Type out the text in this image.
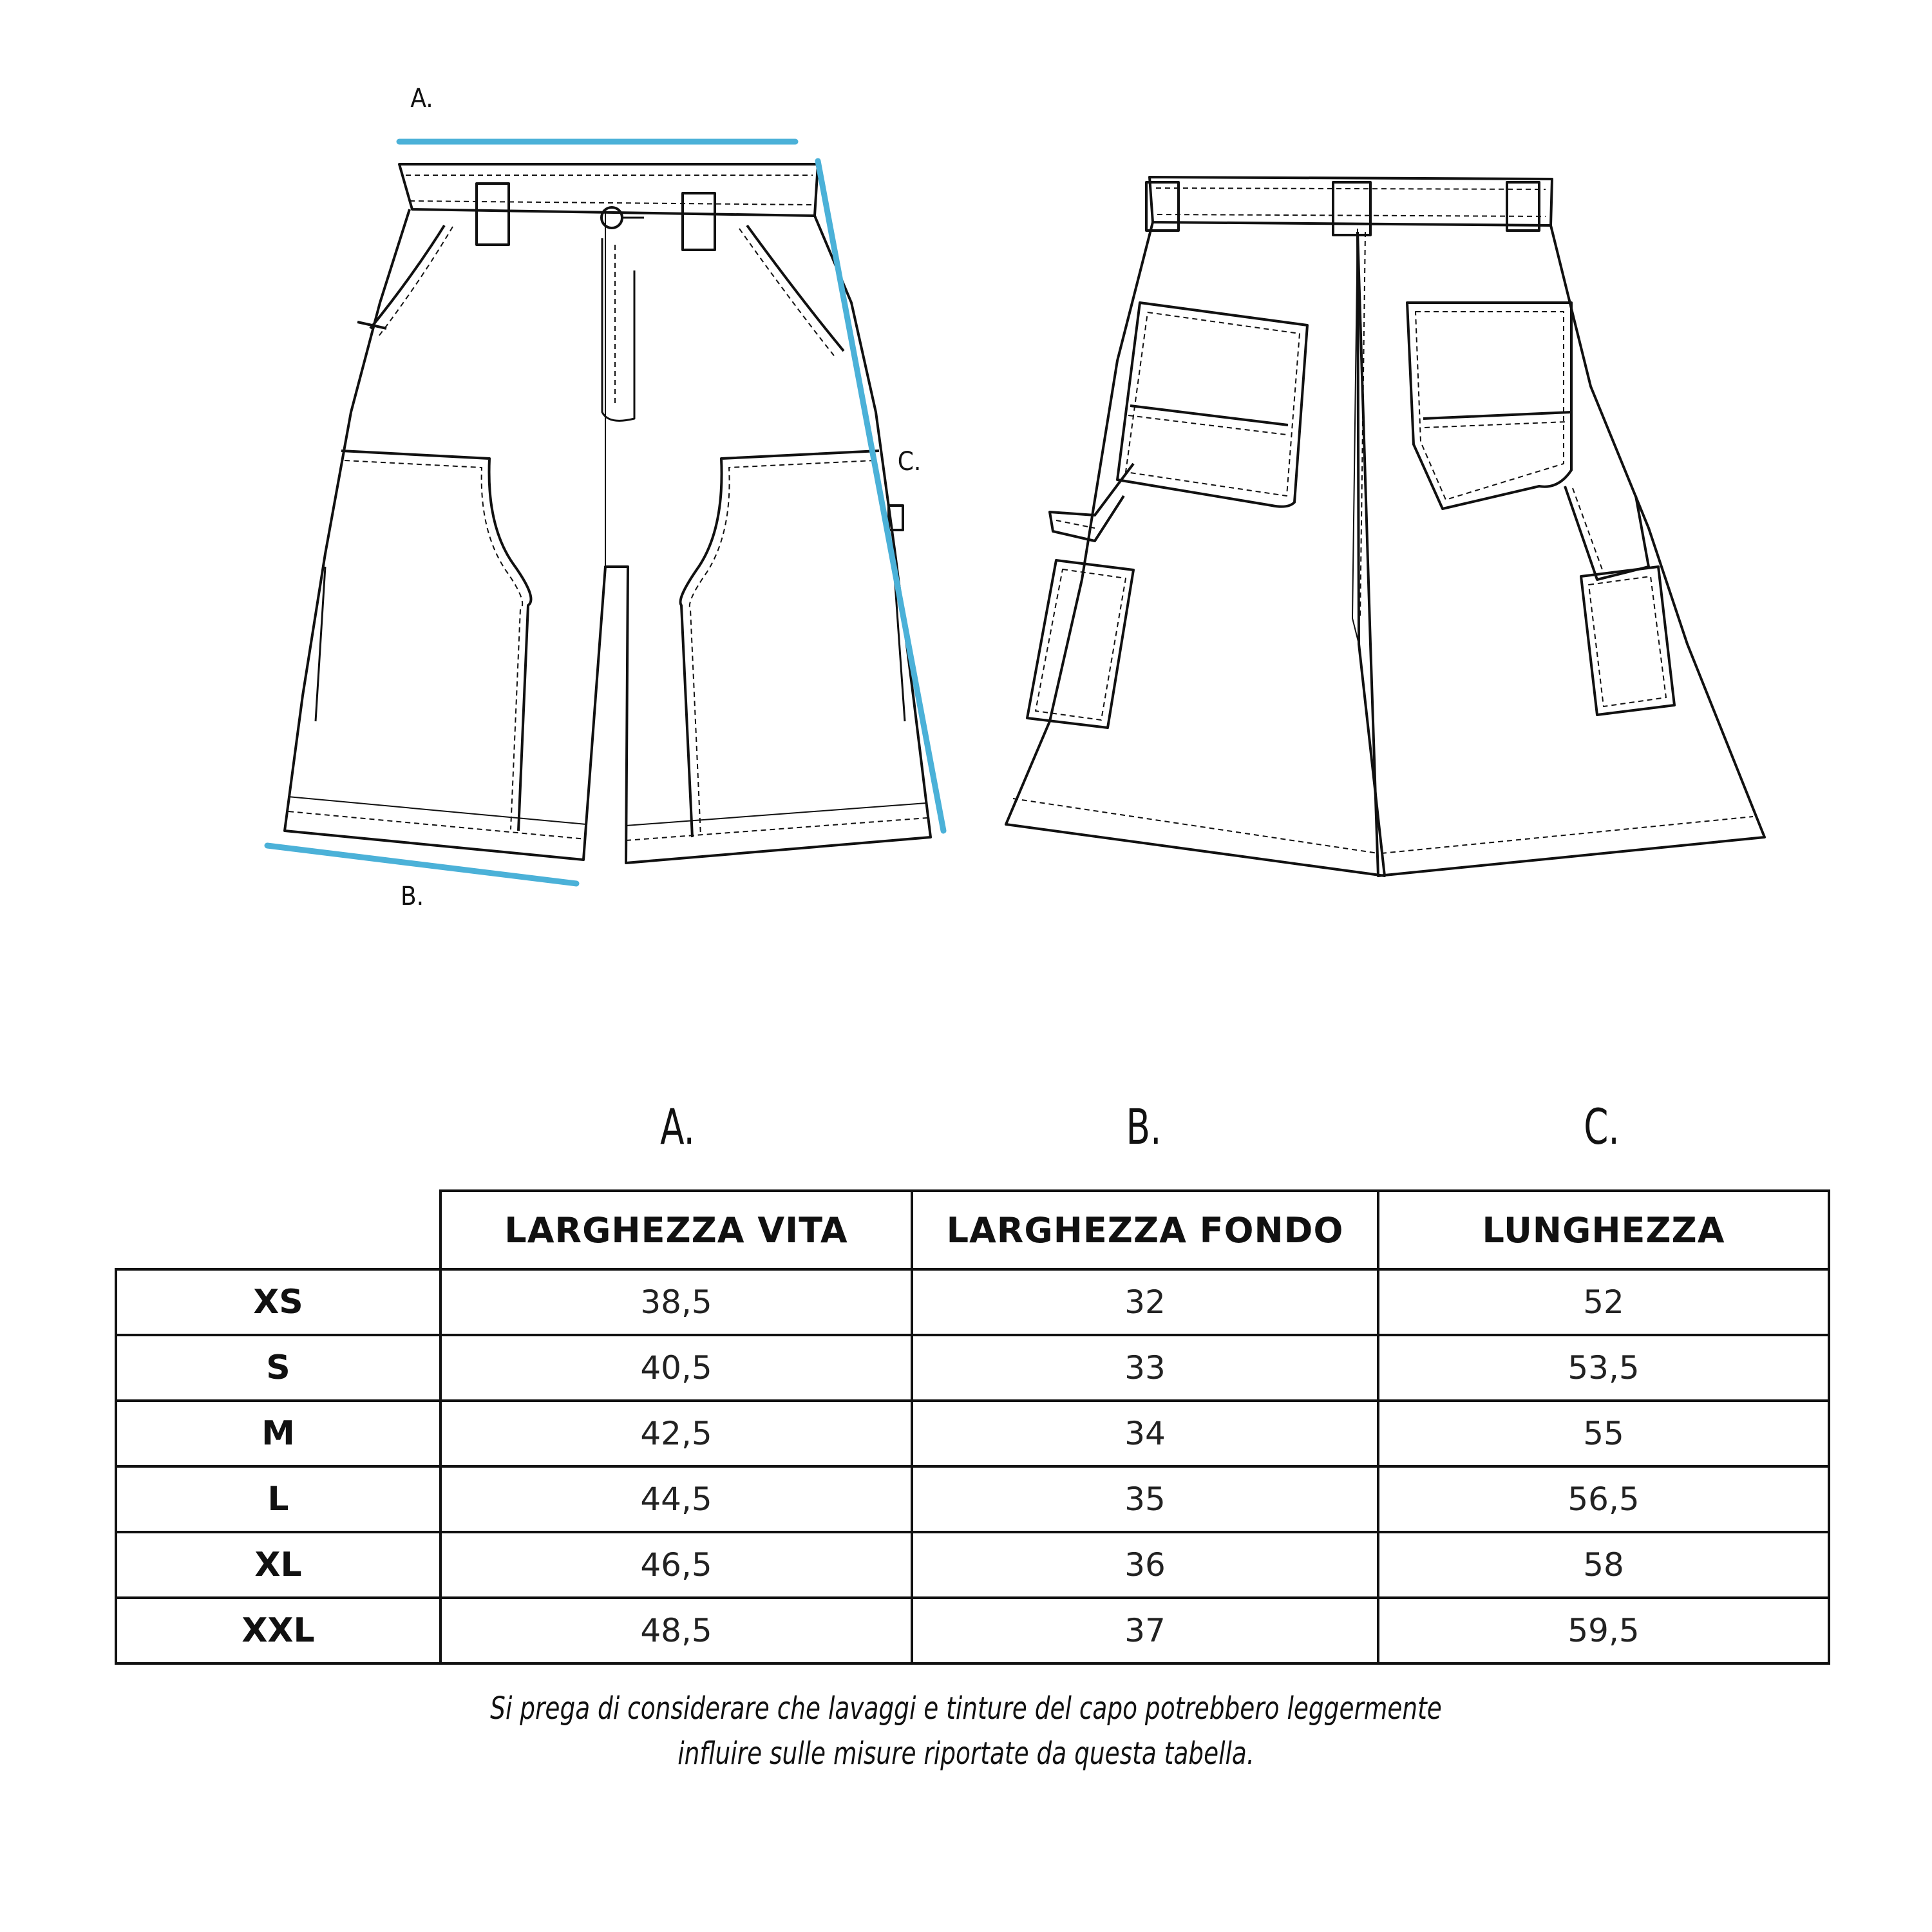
A.
B.
C.
A.	B.	C.
	LARGHEZZA VITA	LARGHEZZA FONDO	LUNGHEZZA
XS	38,5	32	52
S	40,5	33	53,5
M	42,5	34	55
L	44,5	35	56,5
XL	46,5	36	58
XXL	48,5	37	59,5
Si prega di considerare che lavaggi e tinture del capo potrebbero leggermente
influire sulle misure riportate da questa tabella.
